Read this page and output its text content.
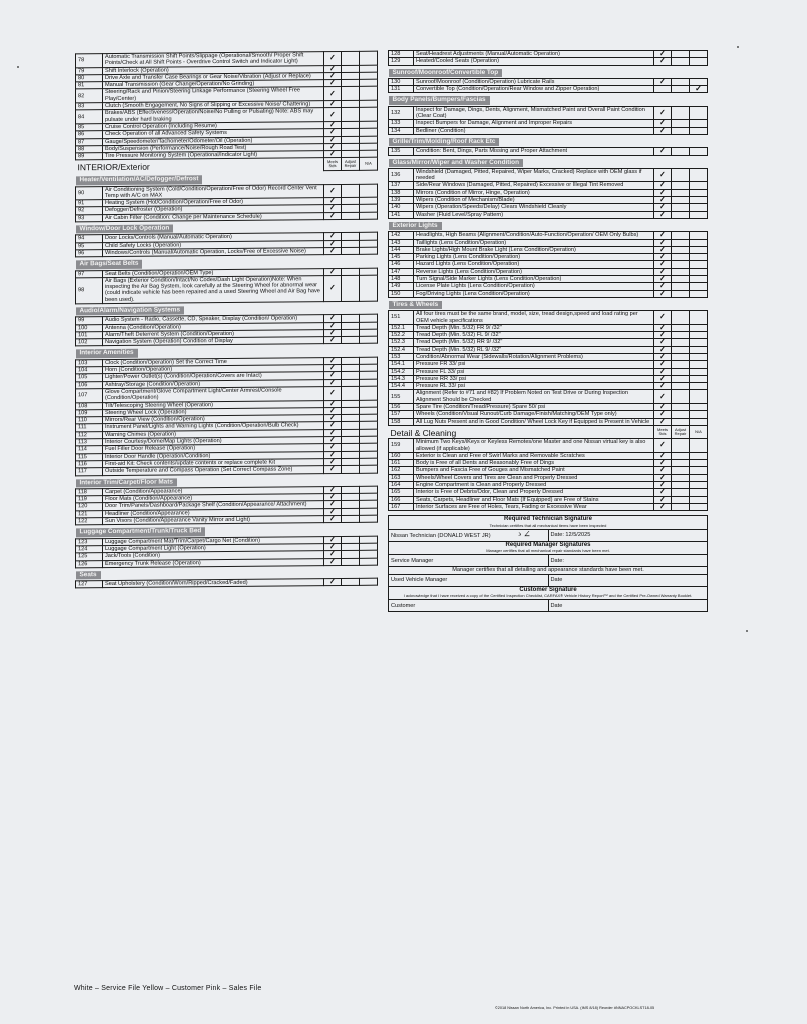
78	Automatic Transmission Shift Points/Slippage (Operational/Smooth/ Proper Shift Points/Check at All Shift Points - Overdrive Control Switch and Indicator Light)	✓		
79	Shift Interlock (Operation)	✓		
80	Drive Axle and Transfer Case Bearings or Gear Noise/Vibration (Adjust or Replace)	✓		
81	Manual Transmission (Gear Change/Operation/No Grinding)	✓		
82	Steering/Rack and Pinion/Steering Linkage Performance (Steering Wheel Free Play/Center)	✓		
83	Clutch (Smooth Engagement, No Signs of Slipping or Excessive Noise/ Chattering)	✓		
84	Brakes/ABS (Effectiveness/Operation/Noise/No Pulling or Pulsating) Note: ABS may pulsate under hard braking	✓		
85	Cruise Control Operation (Including Resume)	✓		
86	Check Operation of all Advanced Safety Systems	✓		
87	Gauge/Speedometer/Tachometer/Odometer/Oil (Operation)	✓		
88	Body/Suspension (Performance/Noise/Rough Road Test)	✓		
89	Tire Pressure Monitoring System (Operational/Indicator Light)	✓		
INTERIOR/Exterior		Meets Stds	Adjust Repair	N/A
Heater/Ventilation/AC/Defogger/Defrost				
90	Air Conditioning System (Cold/Condition/Operation/Free of Odor) Record Center Vent Temp with A/C on MAX	✓		
91	Heating System (Hot/Condition/Operation/Free of Odor)	✓		
92	Defogger/Defroster (Operation)	✓		
93	Air Cabin Filter (Condition: Change per Maintenance Schedule)	✓		
Window/Door Lock Operation				
94	Door Locks/Controls (Manual/Automatic Operation)	✓		
95	Child Safety Locks (Operation)	✓		
96	Windows/Controls (Manual/Automatic Operation, Locks/Free of Excessive Noise)	✓		
Air Bags/Seat Belts				
97	Seat Belts (Condition/Operation/OEM Type)	✓		
98	Air Bags (Exterior Condition/Intact/No Codes/Dash Light Operation)Note: When inspecting the Air Bag System, look carefully at the Steering Wheel for abnormal wear (could indicate vehicle has been repaired and a used Steering Wheel and Air Bag have been used).	✓		
Audio/Alarm/Navigation Systems				
99	Audio System - Radio, Cassette, CD, Speaker, Display (Condition/ Operation)	✓		
100	Antenna (Condition/Operation)	✓		
101	Alarm/Theft Deterrent System (Condition/Operation)	✓		
102	Navigation System (Operation) Condition of Display	✓		
Interior Amenities				
103	Clock (Condition/Operation) Set the Correct Time	✓		
104	Horn (Condition/Operation)	✓		
105	Lighter/Power Outlet(s) (Condition/Operation/Covers are Intact)	✓		
106	Ashtray/Storage (Condition/Operation)	✓		
107	Glove Compartment/Glove Compartment Light/Center Armrest/Console (Condition/Operation)	✓		
108	Tilt/Telescoping Steering Wheel (Operation)	✓		
109	Steering Wheel Lock (Operation)	✓		
110	Mirrors/Rear View (Condition/Operation)	✓		
111	Instrument Panel/Lights and Warning Lights (Condition/Operation/Bulb Check)	✓		
112	Warning Chimes (Operation)	✓		
113	Interior Courtesy/Dome/Map Lights (Operation)	✓		
114	Fuel Filler Door Release (Operation)	✓		
115	Interior Door Handle (Operation/Condition)	✓		
116	First-aid Kit: Check contents/update contents or replace complete Kit	✓		
117	Outside Temperature and Compass Operation (Set Correct Compass Zone)	✓		
Interior Trim/Carpet/Floor Mats				
118	Carpet (Condition/Appearance)	✓		
119	Floor Mats (Condition/Appearance)	✓		
120	Door Trim/Panels/Dashboard/Package Shelf (Condition/Appearance/ Attachment)	✓		
121	Headliner (Condition/Appearance)	✓		
122	Sun Visors (Condition/Appearance Vanity Mirror and Light)	✓		
Luggage Compartment/Trunk/Truck Bed				
123	Luggage Compartment Mat/Trim/Carpet/Cargo Net (Condition)	✓		
124	Luggage Compartment Light (Operation)	✓		
125	Jack/Tools (Condition)	✓		
126	Emergency Trunk Release (Operation)	✓		
Seats				
127	Seat Upholstery (Condition/Worn/Ripped/Cracked/Faded)	✓		
128	Seat/Headrest Adjustments (Manual/Automatic Operation)	✓		
129	Heated/Cooled Seats (Operation)	✓		
Sunroof/Moonroof/Convertible Top				
130	Sunroof/Moonroof (Condition/Operation) Lubricate Rails	✓		
131	Convertible Top (Condition/Operation/Rear Window and Zipper Operation)			✓
Body Panels/Bumpers/Fascias				
132	Inspect for Damage, Dings, Dents, Alignment, Mismatched Paint and Overall Paint Condition (Clear Coat)	✓		
133	Inspect Bumpers for Damage, Alignment and Improper Repairs	✓		
134	Bedliner (Condition)	✓		
Grille/Trim/Molding/Roof Rack Etc				
135	Condition: Bent, Dings, Parts Missing and Proper Attachment	✓		
Glass/Mirror/Wiper and Washer Condition				
136	Windshield (Damaged, Pitted, Repaired, Wiper Marks, Cracked) Replace with OEM glass if needed	✓		
137	Side/Rear Windows (Damaged, Pitted, Repaired) Excessive or Illegal Tint Removed	✓		
138	Mirrors (Condition of Mirror, Hinge, Operation)	✓		
139	Wipers (Condition of Mechanism/Blade)	✓		
140	Wipers (Operation/Speeds/Delay) Clears Windshield Cleanly	✓		
141	Washer (Fluid Level/Spray Pattern)	✓		
Exterior Lights				
142	Headlights, High Beams (Alignment/Condition/Auto-Function/Operation/ OEM Only Bulbs)	✓		
143	Taillights (Lens Condition/Operation)	✓		
144	Brake Lights/High Mount Brake Light (Lens Condition/Operation)	✓		
145	Parking Lights (Lens Condition/Operation)	✓		
146	Hazard Lights (Lens Condition/Operation)	✓		
147	Reverse Lights (Lens Condition/Operation)	✓		
148	Turn Signal/Side Marker Lights (Lens Condition/Operation)	✓		
149	License Plate Lights (Lens Condition/Operation)	✓		
150	Fog/Driving Lights (Lens Condition/Operation)	✓		
Tires & Wheels				
151	All four tires must be the same brand, model, size, tread design,speed and load rating per OEM vehicle specifications	✓		
152.1	Tread Depth (Min. 5/32) FR 9/ /32"	✓		
152.2	Tread Depth (Min. 5/32) FL 9/ /32"	✓		
152.3	Tread Depth (Min. 5/32) RR 9/ /32"	✓		
152.4	Tread Depth (Min. 5/32) RL 9/ /32"	✓		
153	Condition/Abnormal Wear (Sidewalls/Rotation/Alignment Problems)	✓		
154.1	Pressure FR 33/ psi	✓		
154.2	Pressure FL 33/ psi	✓		
154.3	Pressure RR 33/ psi	✓		
154.4	Pressure RL 33/ psi	✓		
155	Alignment (Refer to #71 and #82) If Problem Noted on Test Drive or During Inspection Alignment Should be Checked	✓		
156	Spare Tire (Condition/Tread/Pressure) Spare 50/ psi	✓		
157	Wheels (Condition/Visual Runout/Curb Damage/Finish/Matching/OEM Type only)	✓		
158	All Lug Nuts Present and in Good Condition/ Wheel Lock Key if Equipped is Present in Vehicle	✓		
Detail & Cleaning		Meets Stds	Adjust Repair	N/A
159	Minimum Two Keys/iKeys or Keyless Remotes/one Master and one Nissan virtual key is also allowed (if applicable)	✓		
160	Exterior is Clean and Free of Swirl Marks and Removable Scratches	✓		
161	Body is Free of all Dents and Reasonably Free of Dings	✓		
162	Bumpers and Fascia Free of Gouges and Mismatched Paint	✓		
163	Wheels/Wheel Covers and Tires are Clean and Properly Dressed	✓		
164	Engine Compartment is Clean and Properly Dressed	✓		
165	Interior is Free of Debris/Odor, Clean and Properly Dressed	✓		
166	Seats, Carpets, Headliner and Floor Mats (If Equipped) are Free of Stains	✓		
167	Interior Surfaces are Free of Holes, Tears, Fading or Excessive Wear	✓		
Required Technician Signature
Technician certifies that all mechanical items have been inspected	

Nissan Technician (DONALD WEST JR) ゝ∠	Date: 12/5/2025
Required Manager Signatures
Manager certifies that all mechanical repair standards have been met.	

Service Manager	Date:
Manager certifies that all detailing and appearance standards have been met.	
Used Vehicle Manager	Date
Customer Signature
I acknowledge that I have received a copy of the Certified Inspection Checklist, CARFAX® Vehicle History Report™ and the Certified Pre-Owned Warranty Booklet.	

Customer	Date
White – Service File Yellow – Customer Pink – Sales File
©2018 Nissan North America, Inc. Printed in USA. (IMS 8/18) Reorder #NNACPOCKLST18-05
